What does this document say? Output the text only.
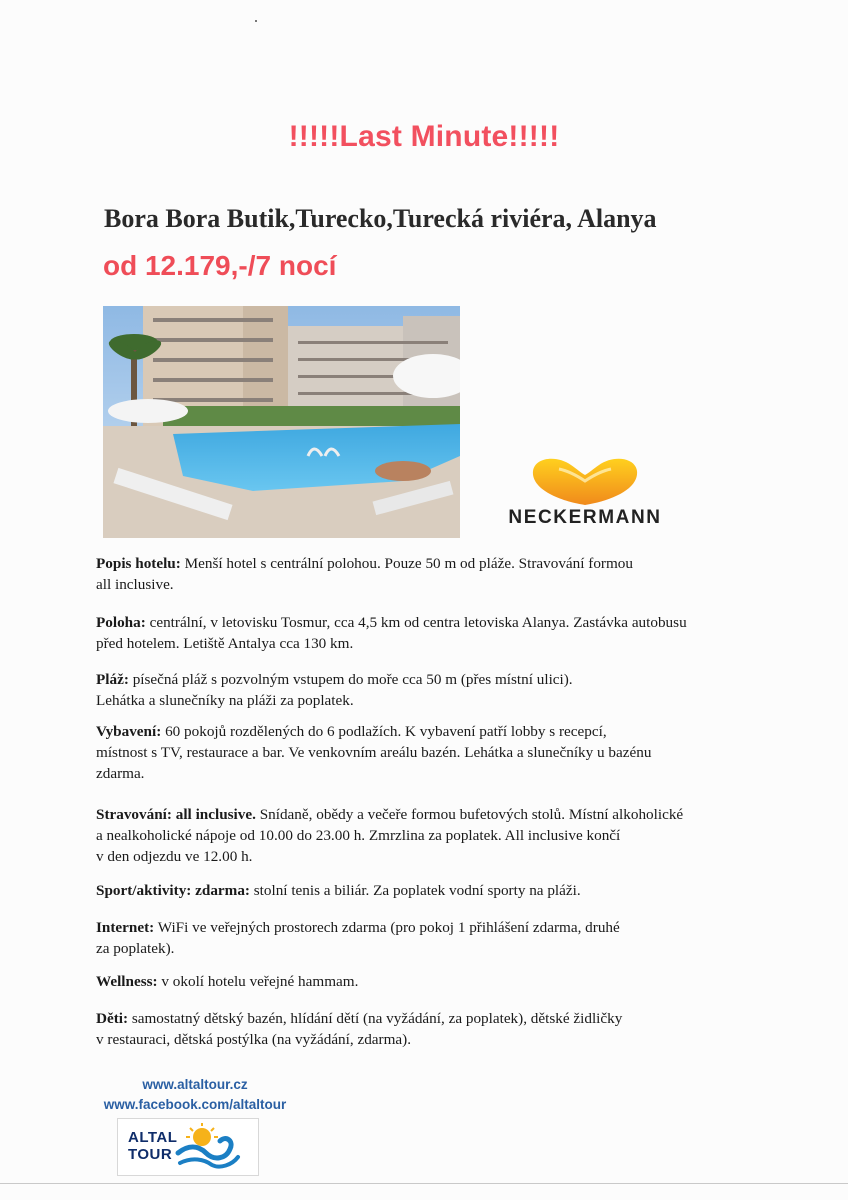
!!!!!Last Minute!!!!!
Bora Bora Butik,Turecko,Turecká riviéra, Alanya
od 12.179,-/7 nocí
NECKERMANN

Popis hotelu: Menší hotel s centrální polohou. Pouze 50 m od pláže. Stravování formou
all inclusive.

Poloha: centrální, v letovisku Tosmur, cca 4,5 km od centra letoviska Alanya. Zastávka autobusu
před hotelem. Letiště Antalya cca 130 km.

Pláž: písečná pláž s pozvolným vstupem do moře cca 50 m (přes místní ulici).
Lehátka a slunečníky na pláži za poplatek.

Vybavení: 60 pokojů rozdělených do 6 podlažích. K vybavení patří lobby s recepcí,
místnost s TV, restaurace a bar. Ve venkovním areálu bazén. Lehátka a slunečníky u bazénu
zdarma.

Stravování: all inclusive. Snídaně, obědy a večeře formou bufetových stolů. Místní alkoholické
a nealkoholické nápoje od 10.00 do 23.00 h. Zmrzlina za poplatek. All inclusive končí
v den odjezdu ve 12.00 h.

Sport/aktivity: zdarma: stolní tenis a biliár. Za poplatek vodní sporty na pláži.

Internet: WiFi ve veřejných prostorech zdarma (pro pokoj 1 přihlášení zdarma, druhé
za poplatek).

Wellness: v okolí hotelu veřejné hammam.

Děti: samostatný dětský bazén, hlídání dětí (na vyžádání, za poplatek), dětské židličky
v restauraci, dětská postýlka (na vyžádání, zdarma).

www.altaltour.cz
www.facebook.com/altaltour
ALTAL
TOUR
